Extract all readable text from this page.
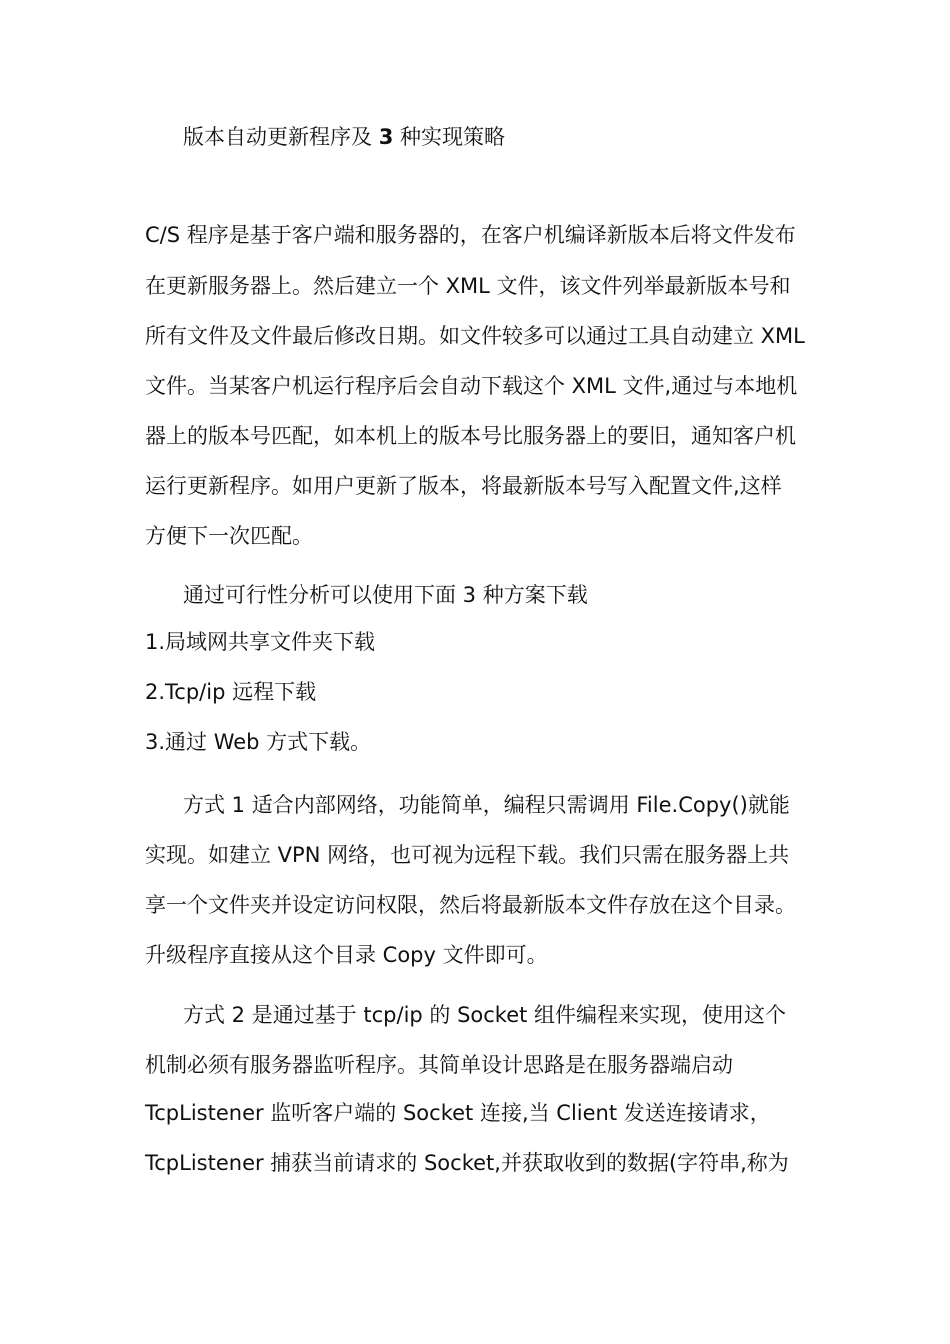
版本自动更新程序及 3 种实现策略
C/S 程序是基于客户端和服务器的，在客户机编译新版本后将文件发布
在更新服务器上。然后建立一个 XML 文件，该文件列举最新版本号和
所有文件及文件最后修改日期。如文件较多可以通过工具自动建立 XML
文件。当某客户机运行程序后会自动下载这个 XML 文件,通过与本地机
器上的版本号匹配，如本机上的版本号比服务器上的要旧，通知客户机
运行更新程序。如用户更新了版本，将最新版本号写入配置文件,这样
方便下一次匹配。
通过可行性分析可以使用下面 3 种方案下载
1.局域网共享文件夹下载
2.Tcp/ip 远程下载
3.通过 Web 方式下载。
方式 1 适合内部网络，功能简单，编程只需调用 File.Copy()就能
实现。如建立 VPN 网络，也可视为远程下载。我们只需在服务器上共
享一个文件夹并设定访问权限，然后将最新版本文件存放在这个目录。
升级程序直接从这个目录 Copy 文件即可。
方式 2 是通过基于 tcp/ip 的 Socket 组件编程来实现，使用这个
机制必须有服务器监听程序。其简单设计思路是在服务器端启动
TcpListener 监听客户端的 Socket 连接,当 Client 发送连接请求，
TcpListener 捕获当前请求的 Socket,并获取收到的数据(字符串,称为
